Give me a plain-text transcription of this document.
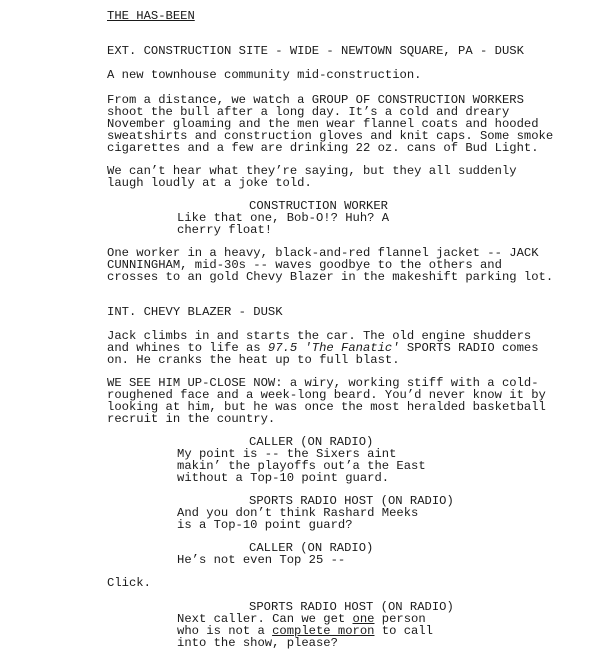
THE HAS-BEEN
EXT. CONSTRUCTION SITE - WIDE - NEWTOWN SQUARE, PA - DUSK
A new townhouse community mid-construction.
From a distance, we watch a GROUP OF CONSTRUCTION WORKERS
shoot the bull after a long day. It’s a cold and dreary
November gloaming and the men wear flannel coats and hooded
sweatshirts and construction gloves and knit caps. Some smoke
cigarettes and a few are drinking 22 oz. cans of Bud Light.
We can’t hear what they’re saying, but they all suddenly
laugh loudly at a joke told.
CONSTRUCTION WORKER
Like that one, Bob-O!? Huh? A
cherry float!
One worker in a heavy, black-and-red flannel jacket -- JACK
CUNNINGHAM, mid-30s -- waves goodbye to the others and
crosses to an gold Chevy Blazer in the makeshift parking lot.
INT. CHEVY BLAZER - DUSK
Jack climbs in and starts the car. The old engine shudders
and whines to life as 97.5 'The Fanatic' SPORTS RADIO comes
on. He cranks the heat up to full blast.
WE SEE HIM UP-CLOSE NOW: a wiry, working stiff with a cold-
roughened face and a week-long beard. You’d never know it by
looking at him, but he was once the most heralded basketball
recruit in the country.
CALLER (ON RADIO)
My point is -- the Sixers aint
makin’ the playoffs out’a the East
without a Top-10 point guard.
SPORTS RADIO HOST (ON RADIO)
And you don’t think Rashard Meeks
is a Top-10 point guard?
CALLER (ON RADIO)
He’s not even Top 25 --
Click.
SPORTS RADIO HOST (ON RADIO)
Next caller. Can we get one person
who is not a complete moron to call
into the show, please?
